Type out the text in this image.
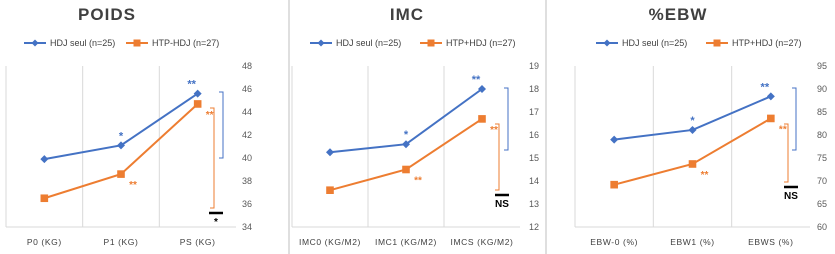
POIDS
HDJ seul (n=25)	HTP-HDJ (n=27)
34
36
38
40
42
44
46
48
P0 (KG)	P1 (KG)	PS (KG)
*
**
**
**
*
IMC
HDJ seul (n=25)	HTP+HDJ (n=27)
12
13
14
15
16
17
18
19
IMC0 (KG/M2) IMC1 (KG/M2) IMCS (KG/M2)
*
**
**
**
NS
%EBW
HDJ seul (n=25)	HTP+HDJ (n=27)
60
65
70
75
80
85
90
95
EBW-0 (%)	EBW1 (%)	EBWS (%)
*
**
**
**
NS
